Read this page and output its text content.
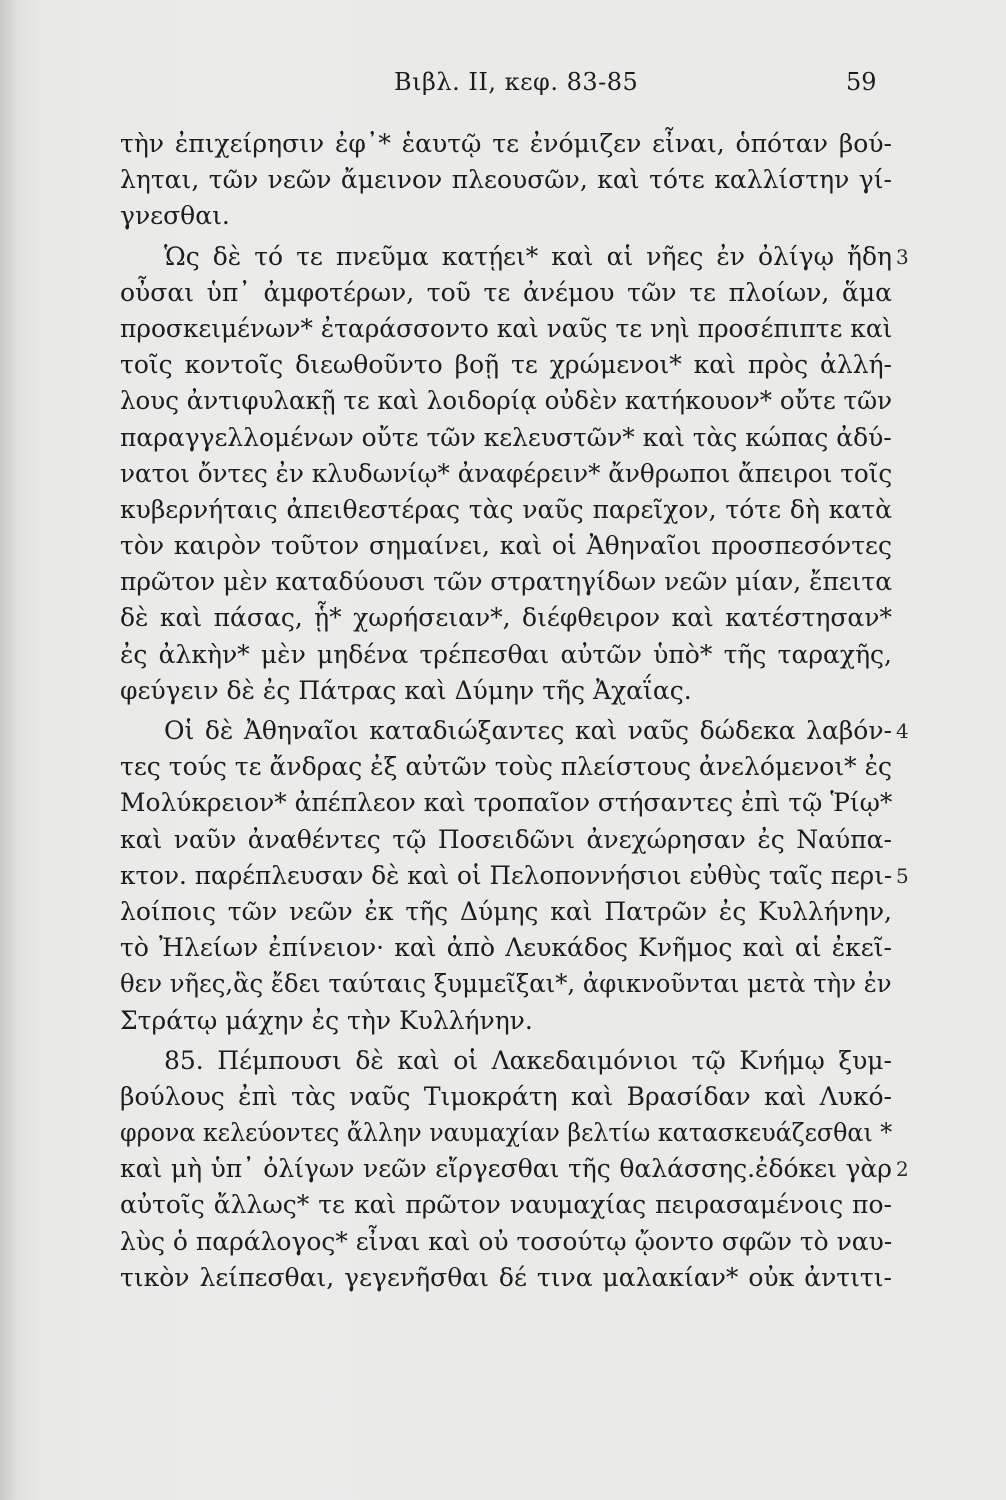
Βιβλ. II, κεφ. 83-85	59
τὴν ἐπιχείρησιν ἐφ᾽* ἑαυτῷ τε ἐνόμιζεν εἶναι, ὁπόταν βού-
ληται, τῶν νεῶν ἄμεινον πλεουσῶν, καὶ τότε καλλίστην γί-
γνεσθαι.
Ὡς δὲ τό τε πνεῦμα κατῄει* καὶ αἱ νῆες ἐν ὀλίγῳ ἤδη 3
οὖσαι ὑπ᾽ ἀμφοτέρων, τοῦ τε ἀνέμου τῶν τε πλοίων, ἅμα
προσκειμένων* ἐταράσσοντο καὶ ναῦς τε νηὶ προσέπιπτε καὶ
τοῖς κοντοῖς διεωθοῦντο βοῇ τε χρώμενοι* καὶ πρὸς ἀλλή-
λους ἀντιφυλακῇ τε καὶ λοιδορίᾳ οὐδὲν κατήκουον* οὔτε τῶν
παραγγελλομένων οὔτε τῶν κελευστῶν* καὶ τὰς κώπας ἀδύ-
νατοι ὄντες ἐν κλυδωνίῳ* ἀναφέρειν* ἄνθρωποι ἄπειροι τοῖς
κυβερνήταις ἀπειθεστέρας τὰς ναῦς παρεῖχον, τότε δὴ κατὰ
τὸν καιρὸν τοῦτον σημαίνει, καὶ οἱ Ἀθηναῖοι προσπεσόντες
πρῶτον μὲν καταδύουσι τῶν στρατηγίδων νεῶν μίαν, ἔπειτα
δὲ καὶ πάσας, ᾗ* χωρήσειαν*, διέφθειρον καὶ κατέστησαν*
ἐς ἀλκὴν* μὲν μηδένα τρέπεσθαι αὐτῶν ὑπὸ* τῆς ταραχῆς,
φεύγειν δὲ ἐς Πάτρας καὶ Δύμην τῆς Ἀχαΐας.
Οἱ δὲ Ἀθηναῖοι καταδιώξαντες καὶ ναῦς δώδεκα λαβόν- 4
τες τούς τε ἄνδρας ἐξ αὐτῶν τοὺς πλείστους ἀνελόμενοι* ἐς
Μολύκρειον* ἀπέπλεον καὶ τροπαῖον στήσαντες ἐπὶ τῷ Ῥίῳ*
καὶ ναῦν ἀναθέντες τῷ Ποσειδῶνι ἀνεχώρησαν ἐς Ναύπα-
κτον. παρέπλευσαν δὲ καὶ οἱ Πελοποννήσιοι εὐθὺς ταῖς περι- 5
λοίποις τῶν νεῶν ἐκ τῆς Δύμης καὶ Πατρῶν ἐς Κυλλήνην,
τὸ Ἠλείων ἐπίνειον· καὶ ἀπὸ Λευκάδος Κνῆμος καὶ αἱ ἐκεῖ-
θεν νῆες,ἃς ἔδει ταύταις ξυμμεῖξαι*, ἀφικνοῦνται μετὰ τὴν ἐν
Στράτῳ μάχην ἐς τὴν Κυλλήνην.
85. Πέμπουσι δὲ καὶ οἱ Λακεδαιμόνιοι τῷ Κνήμῳ ξυμ-
βούλους ἐπὶ τὰς ναῦς Τιμοκράτη καὶ Βρασίδαν καὶ Λυκό-
φρονα κελεύοντες ἄλλην ναυμαχίαν βελτίω κατασκευάζεσθαι *
καὶ μὴ ὑπ᾽ ὀλίγων νεῶν εἴργεσθαι τῆς θαλάσσης.ἐδόκει γὰρ 2
αὐτοῖς ἄλλως* τε καὶ πρῶτον ναυμαχίας πειρασαμένοις πο-
λὺς ὁ παράλογος* εἶναι καὶ οὐ τοσούτῳ ᾤοντο σφῶν τὸ ναυ-
τικὸν λείπεσθαι, γεγενῆσθαι δέ τινα μαλακίαν* οὐκ ἀντιτι-
